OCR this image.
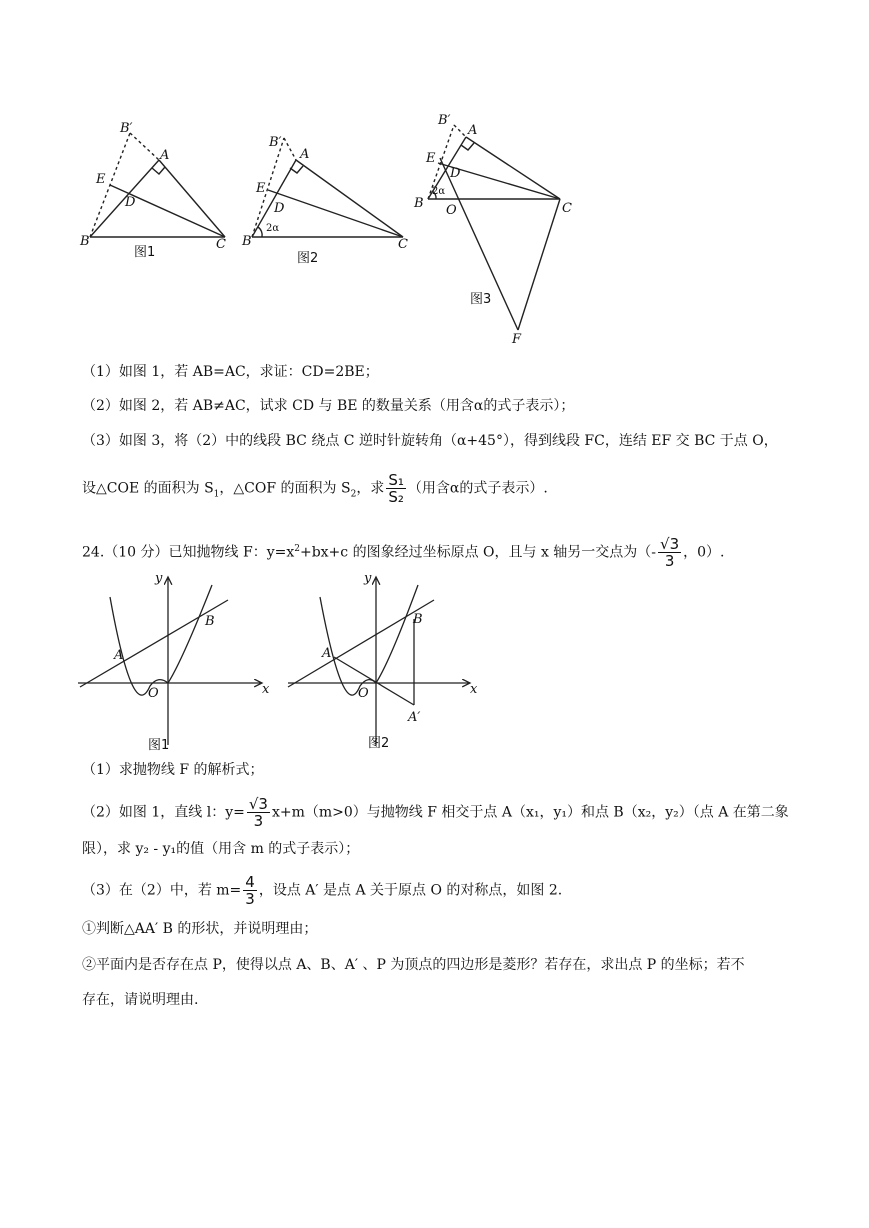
B′
A
E
D
B	C
B′
A
E
D
B	C
2α
B′
A
E
D
B O	C
F
2α
图1	图2
图3
（1）如图 1，若 AB=AC，求证：CD=2BE；
（2）如图 2，若 AB≠AC，试求 CD 与 BE 的数量关系（用含α的式子表示）；
（3）如图 3，将（2）中的线段 BC 绕点 C 逆时针旋转角（α+45°），得到线段 FC，连结 EF 交 BC 于点 O，
设△COE 的面积为 $S_1$，△COF 的面积为 $S_2$，求 $\frac{\text{S₁}}{\text{S₂}}$ （用含α的式子表示）.
24.（10 分）已知抛物线 F：$y=x^2+bx+c$ 的图象经过坐标原点 O，且与 x 轴另一交点为（- $\frac{√3}{3}$ ，0）.
y
x
A
B
O
y
x
A
B
O
A′
图1	图2
（1）求抛物线 F 的解析式；
（2）如图 1，直线 l：$y= \frac{√3}{3} x+m(m>0)$与抛物线 F 相交于点 A（x₁，y₁）和点 B（x₂，y₂）（点 A 在第二象
限），求 y₂ - y₁的值（用含 m 的式子表示）；
（3）在（2）中，若 $m= \frac{4}{3}$ ，设点 A′ 是点 A 关于原点 O 的对称点，如图 2.
①判断△AA′ B 的形状，并说明理由；
②平面内是否存在点 P，使得以点 A、B、A′ 、P 为顶点的四边形是菱形？若存在，求出点 P 的坐标；若不
存在，请说明理由.
